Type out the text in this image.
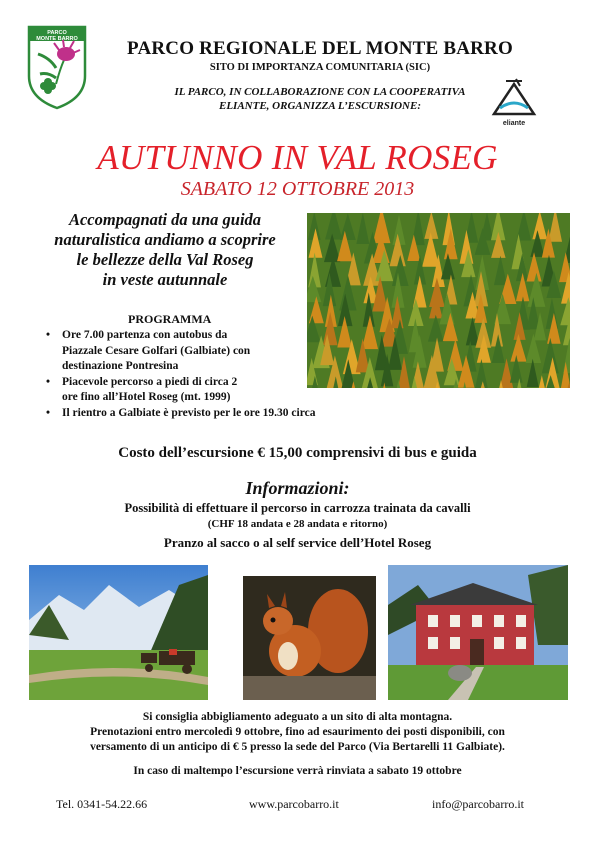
PARCO
MONTE BARRO	PARCO REGIONALE DEL MONTE BARRO
SITO DI IMPORTANZA COMUNITARIA (SIC)
IL PARCO, IN COLLABORAZIONE CON LA COOPERATIVA
ELIANTE, ORGANIZZA L’ESCURSIONE:
eliante
AUTUNNO IN VAL ROSEG
SABATO 12 OTTOBRE 2013
Accompagnati da una guida
naturalistica andiamo a scoprire
le bellezze della Val Roseg
in veste autunnale
PROGRAMMA
• Ore 7.00 partenza con autobus da
Piazzale Cesare Golfari (Galbiate) con
destinazione Pontresina
• Piacevole percorso a piedi di circa 2
ore fino all’Hotel Roseg (mt. 1999)
• Il rientro a Galbiate è previsto per le ore 19.30 circa
Costo dell’escursione € 15,00 comprensivi di bus e guida
Informazioni:
Possibilità di effettuare il percorso in carrozza trainata da cavalli
(CHF 18 andata e 28 andata e ritorno)
Pranzo al sacco o al self service dell’Hotel Roseg
Si consiglia abbigliamento adeguato a un sito di alta montagna.
Prenotazioni entro mercoledì 9 ottobre, fino ad esaurimento dei posti disponibili, con
versamento di un anticipo di € 5 presso la sede del Parco (Via Bertarelli 11 Galbiate).
In caso di maltempo l’escursione verrà rinviata a sabato 19 ottobre
Tel. 0341-54.22.66	www.parcobarro.it	info@parcobarro.it
